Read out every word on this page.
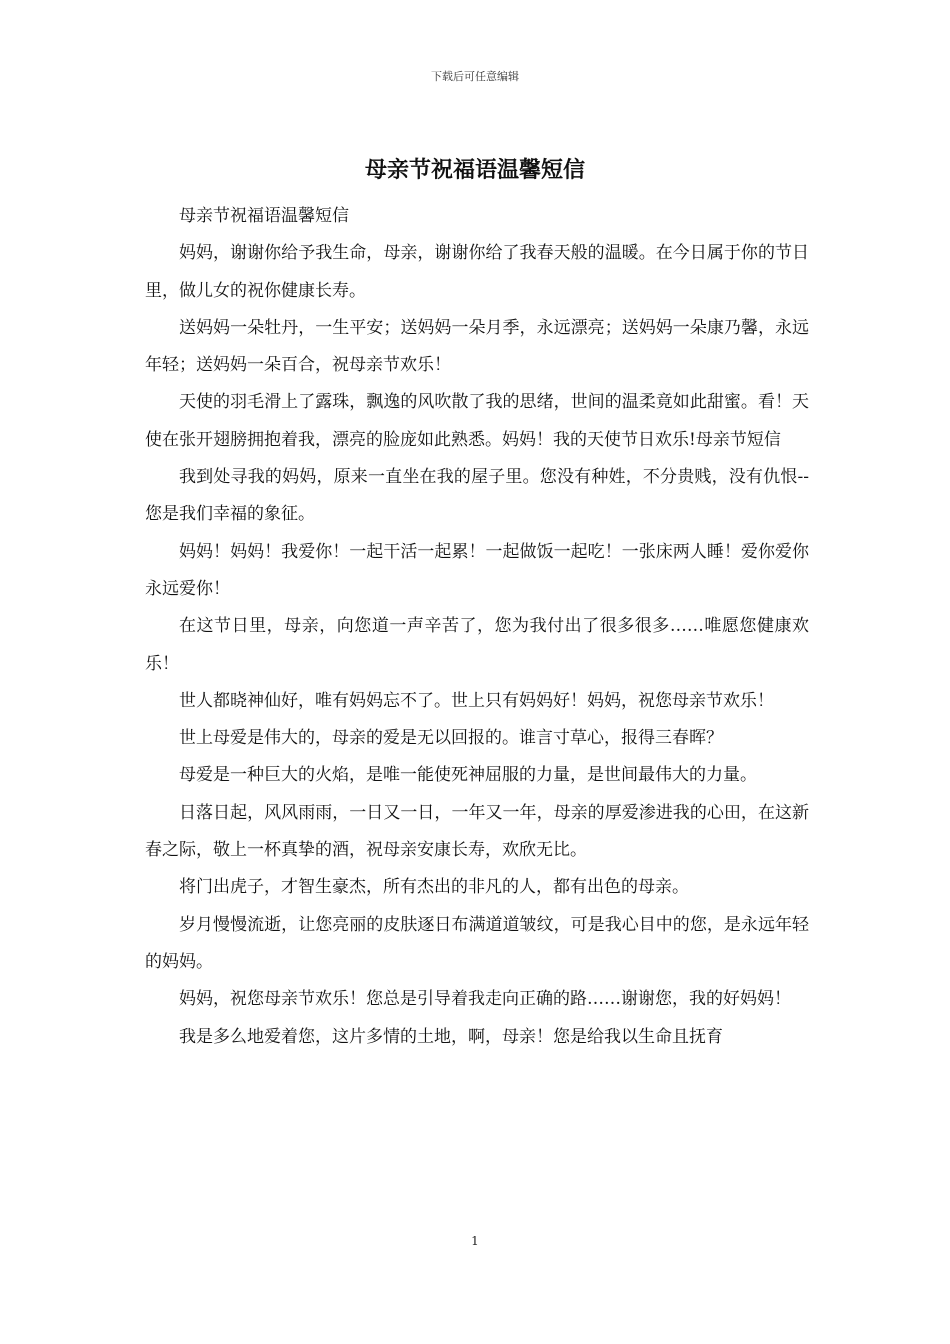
下载后可任意编辑
母亲节祝福语温馨短信

母亲节祝福语温馨短信

妈妈，谢谢你给予我生命，母亲，谢谢你给了我春天般的温暖。在今日属于你的节日里，做儿女的祝你健康长寿。

送妈妈一朵牡丹，一生平安；送妈妈一朵月季，永远漂亮；送妈妈一朵康乃馨，永远年轻；送妈妈一朵百合，祝母亲节欢乐！

天使的羽毛滑上了露珠，飘逸的风吹散了我的思绪，世间的温柔竟如此甜蜜。看！天使在张开翅膀拥抱着我，漂亮的脸庞如此熟悉。妈妈！我的天使节日欢乐!母亲节短信

我到处寻我的妈妈，原来一直坐在我的屋子里。您没有种姓，不分贵贱，没有仇恨--您是我们幸福的象征。

妈妈！妈妈！我爱你！一起干活一起累！一起做饭一起吃！一张床两人睡！爱你爱你永远爱你！

在这节日里，母亲，向您道一声辛苦了，您为我付出了很多很多……唯愿您健康欢乐！

世人都晓神仙好，唯有妈妈忘不了。世上只有妈妈好！妈妈，祝您母亲节欢乐！

世上母爱是伟大的，母亲的爱是无以回报的。谁言寸草心，报得三春晖？

母爱是一种巨大的火焰，是唯一能使死神屈服的力量，是世间最伟大的力量。

日落日起，风风雨雨，一日又一日，一年又一年，母亲的厚爱渗进我的心田，在这新春之际，敬上一杯真挚的酒，祝母亲安康长寿，欢欣无比。

将门出虎子，才智生豪杰，所有杰出的非凡的人，都有出色的母亲。

岁月慢慢流逝，让您亮丽的皮肤逐日布满道道皱纹，可是我心目中的您，是永远年轻的妈妈。

妈妈，祝您母亲节欢乐！您总是引导着我走向正确的路……谢谢您，我的好妈妈！

我是多么地爱着您，这片多情的土地，啊，母亲！您是给我以生命且抚育

1
